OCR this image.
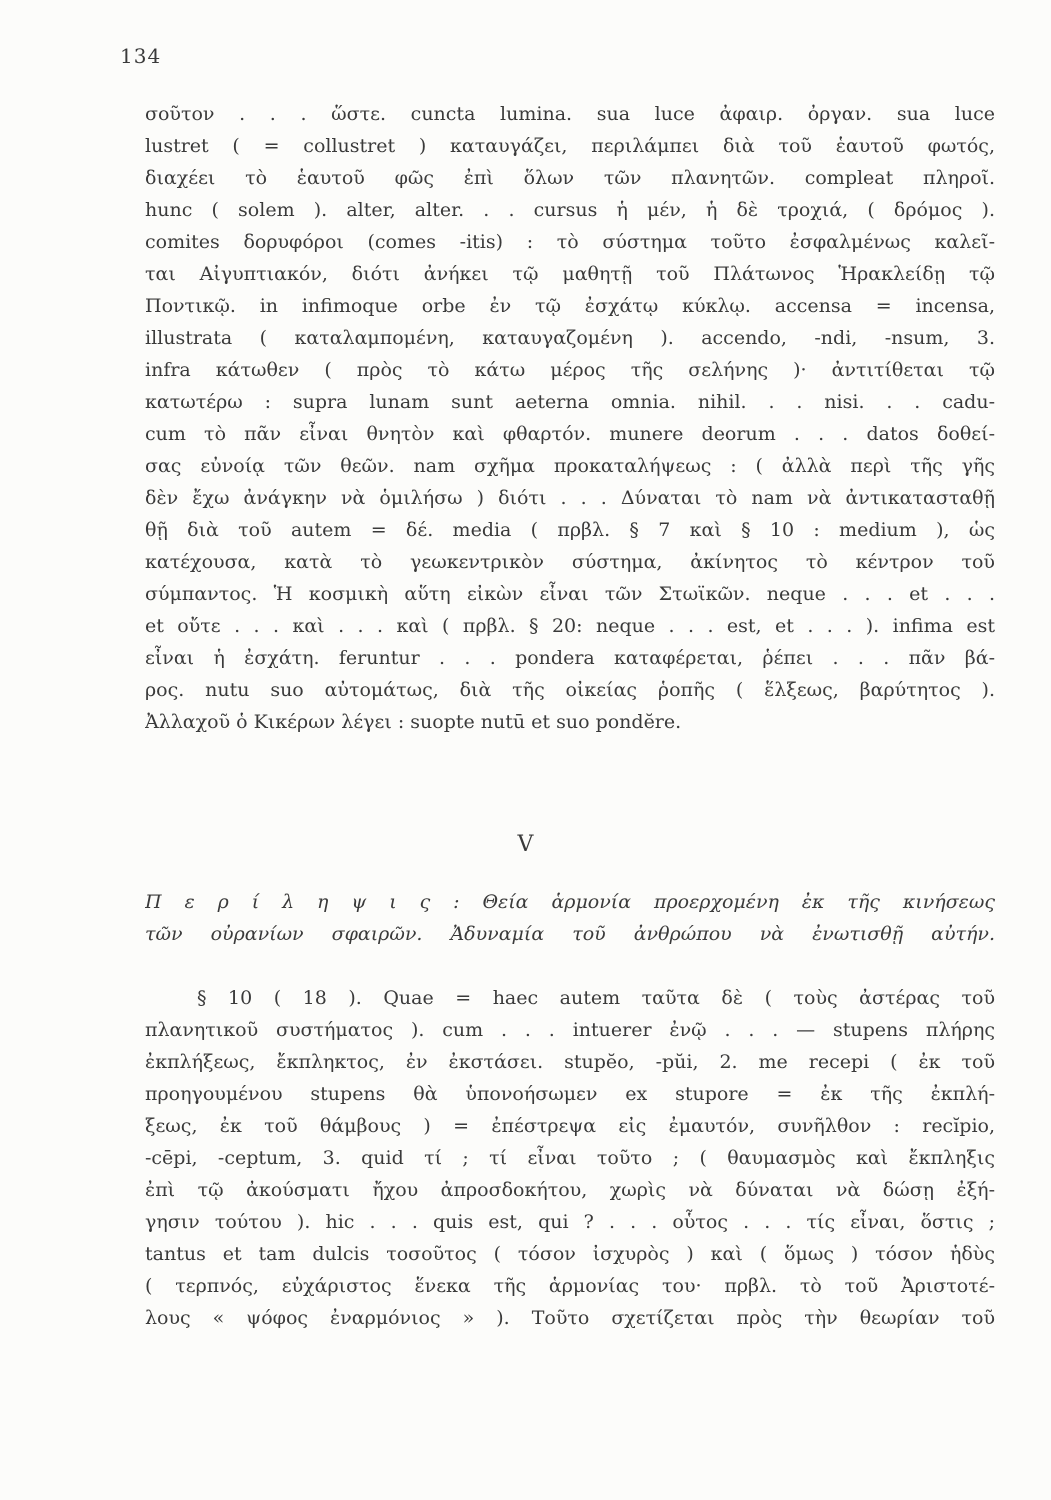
134
σοῦτον . . . ὥστε. cuncta lumina. sua luce ἀφαιρ. ὀργαν. sua luce
lustret ( = collustret ) καταυγάζει, περιλάμπει διὰ τοῦ ἑαυτοῦ φωτός,
διαχέει τὸ ἑαυτοῦ φῶς ἐπὶ ὅλων τῶν πλανητῶν. compleat πληροῖ.
hunc ( solem ). alter, alter. . . cursus ἡ μέν, ἡ δὲ τροχιά, ( δρόμος ).
comites δορυφόροι (comes -itis) : τὸ σύστημα τοῦτο ἐσφαλμένως καλεῖ-
ται Αἰγυπτιακόν, διότι ἀνήκει τῷ μαθητῇ τοῦ Πλάτωνος Ἡρακλείδῃ τῷ
Ποντικῷ. in infimoque orbe ἐν τῷ ἐσχάτῳ κύκλῳ. accensa = incensa,
illustrata ( καταλαμπομένη, καταυγαζομένη ). accendo, -ndi, -nsum, 3.
infra κάτωθεν ( πρὸς τὸ κάτω μέρος τῆς σελήνης )· ἀντιτίθεται τῷ
κατωτέρω : supra lunam sunt aeterna omnia. nihil. . . nisi. . . cadu-
cum τὸ πᾶν εἶναι θνητὸν καὶ φθαρτόν. munere deorum . . . datos δοθεί-
σας εὐνοίᾳ τῶν θεῶν. nam σχῆμα προκαταλήψεως : ( ἀλλὰ περὶ τῆς γῆς
δὲν ἔχω ἀνάγκην νὰ ὁμιλήσω ) διότι . . . Δύναται τὸ nam νὰ ἀντικατασταθῇ
θῇ διὰ τοῦ autem = δέ. media ( πρβλ. § 7 καὶ § 10 : medium ), ὡς
κατέχουσα, κατὰ τὸ γεωκεντρικὸν σύστημα, ἀκίνητος τὸ κέντρον τοῦ
σύμπαντος. Ἡ κοσμικὴ αὕτη εἰκὼν εἶναι τῶν Στωϊκῶν. neque . . . et . . .
et οὔτε . . . καὶ . . . καὶ ( πρβλ. § 20: neque . . . est, et . . . ). infima est
εἶναι ἡ ἐσχάτη. feruntur . . . pondera καταφέρεται, ῥέπει . . . πᾶν βά-
ρος. nutu suo αὐτομάτως, διὰ τῆς οἰκείας ῥοπῆς ( ἕλξεως, βαρύτητος ).
Ἀλλαχοῦ ὁ Κικέρων λέγει : suopte nutū et suo pondĕre.
V
Π ε ρ ί λ η ψ ι ς : Θεία ἁρμονία προερχομένη ἐκ τῆς κινήσεως
τῶν οὐρανίων σφαιρῶν. Ἀδυναμία τοῦ ἀνθρώπου νὰ ἐνωτισθῇ αὐτήν.
§ 10 ( 18 ). Quae = haec autem ταῦτα δὲ ( τοὺς ἀστέρας τοῦ
πλανητικοῦ συστήματος ). cum . . . intuerer ἐνῷ . . . — stupens πλήρης
ἐκπλήξεως, ἔκπληκτος, ἐν ἐκστάσει. stupĕo, -pŭi, 2. me recepi ( ἐκ τοῦ
προηγουμένου stupens θὰ ὑπονοήσωμεν ex stupore = ἐκ τῆς ἐκπλή-
ξεως, ἐκ τοῦ θάμβους ) = ἐπέστρεψα εἰς ἐμαυτόν, συνῆλθον : recĭpio,
-cēpi, -ceptum, 3. quid τί ; τί εἶναι τοῦτο ; ( θαυμασμὸς καὶ ἔκπληξις
ἐπὶ τῷ ἀκούσματι ἤχου ἀπροσδοκήτου, χωρὶς νὰ δύναται νὰ δώσῃ ἐξή-
γησιν τούτου ). hic . . . quis est, qui ? . . . οὗτος . . . τίς εἶναι, ὅστις ;
tantus et tam dulcis τοσοῦτος ( τόσον ἰσχυρὸς ) καὶ ( ὅμως ) τόσον ἡδὺς
( τερπνός, εὐχάριστος ἕνεκα τῆς ἁρμονίας του· πρβλ. τὸ τοῦ Ἀριστοτέ-
λους « ψόφος ἐναρμόνιος » ). Τοῦτο σχετίζεται πρὸς τὴν θεωρίαν τοῦ
